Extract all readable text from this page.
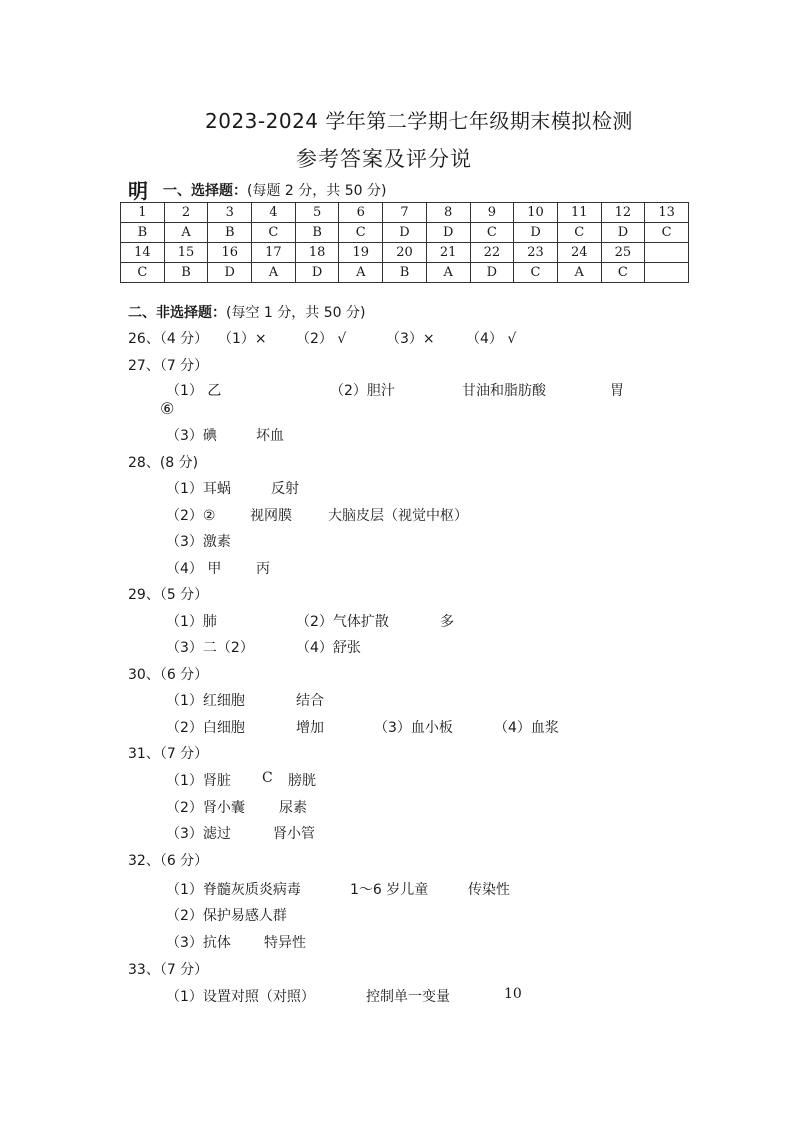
2023-2024 学年第二学期七年级期末模拟检测
参考答案及评分说
明 一、选择题：(每题 2 分，共 50 分)
1	2	3	4	5	6	7	8	9	10	11	12	13
B	A	B	C	B	C	D	D	C	D	C	D	C
14	15	16	17	18	19	20	21	22	23	24	25	
C	B	D	A	D	A	B	A	D	C	A	C	
二、非选择题：(每空 1 分，共 50 分)
26、（4 分） （1）× （2） √	（3）× （4） √
27、（7 分）
（1） 乙	（2）胆汁	甘油和脂肪酸	胃
⑥
（3）碘	坏血
28、(8 分)
（1）耳蜗	反射
（2）② 视网膜	大脑皮层（视觉中枢）
（3）激素
（4） 甲 丙
29、（5 分）
（1）肺	（2）气体扩散	多
（3）二（2）	（4）舒张
30、（6 分）
（1）红细胞	结合
（2）白细胞	增加	（3）血小板	（4）血浆
31、（7 分）
（1）肾脏 C 膀胱
（2）肾小囊 尿素
（3）滤过	肾小管
32、（6 分）
（1）脊髓灰质炎病毒	1～6 岁儿童	传染性
（2）保护易感人群
（3）抗体 特异性
33、（7 分）
（1）设置对照（对照）	控制单一变量	10
